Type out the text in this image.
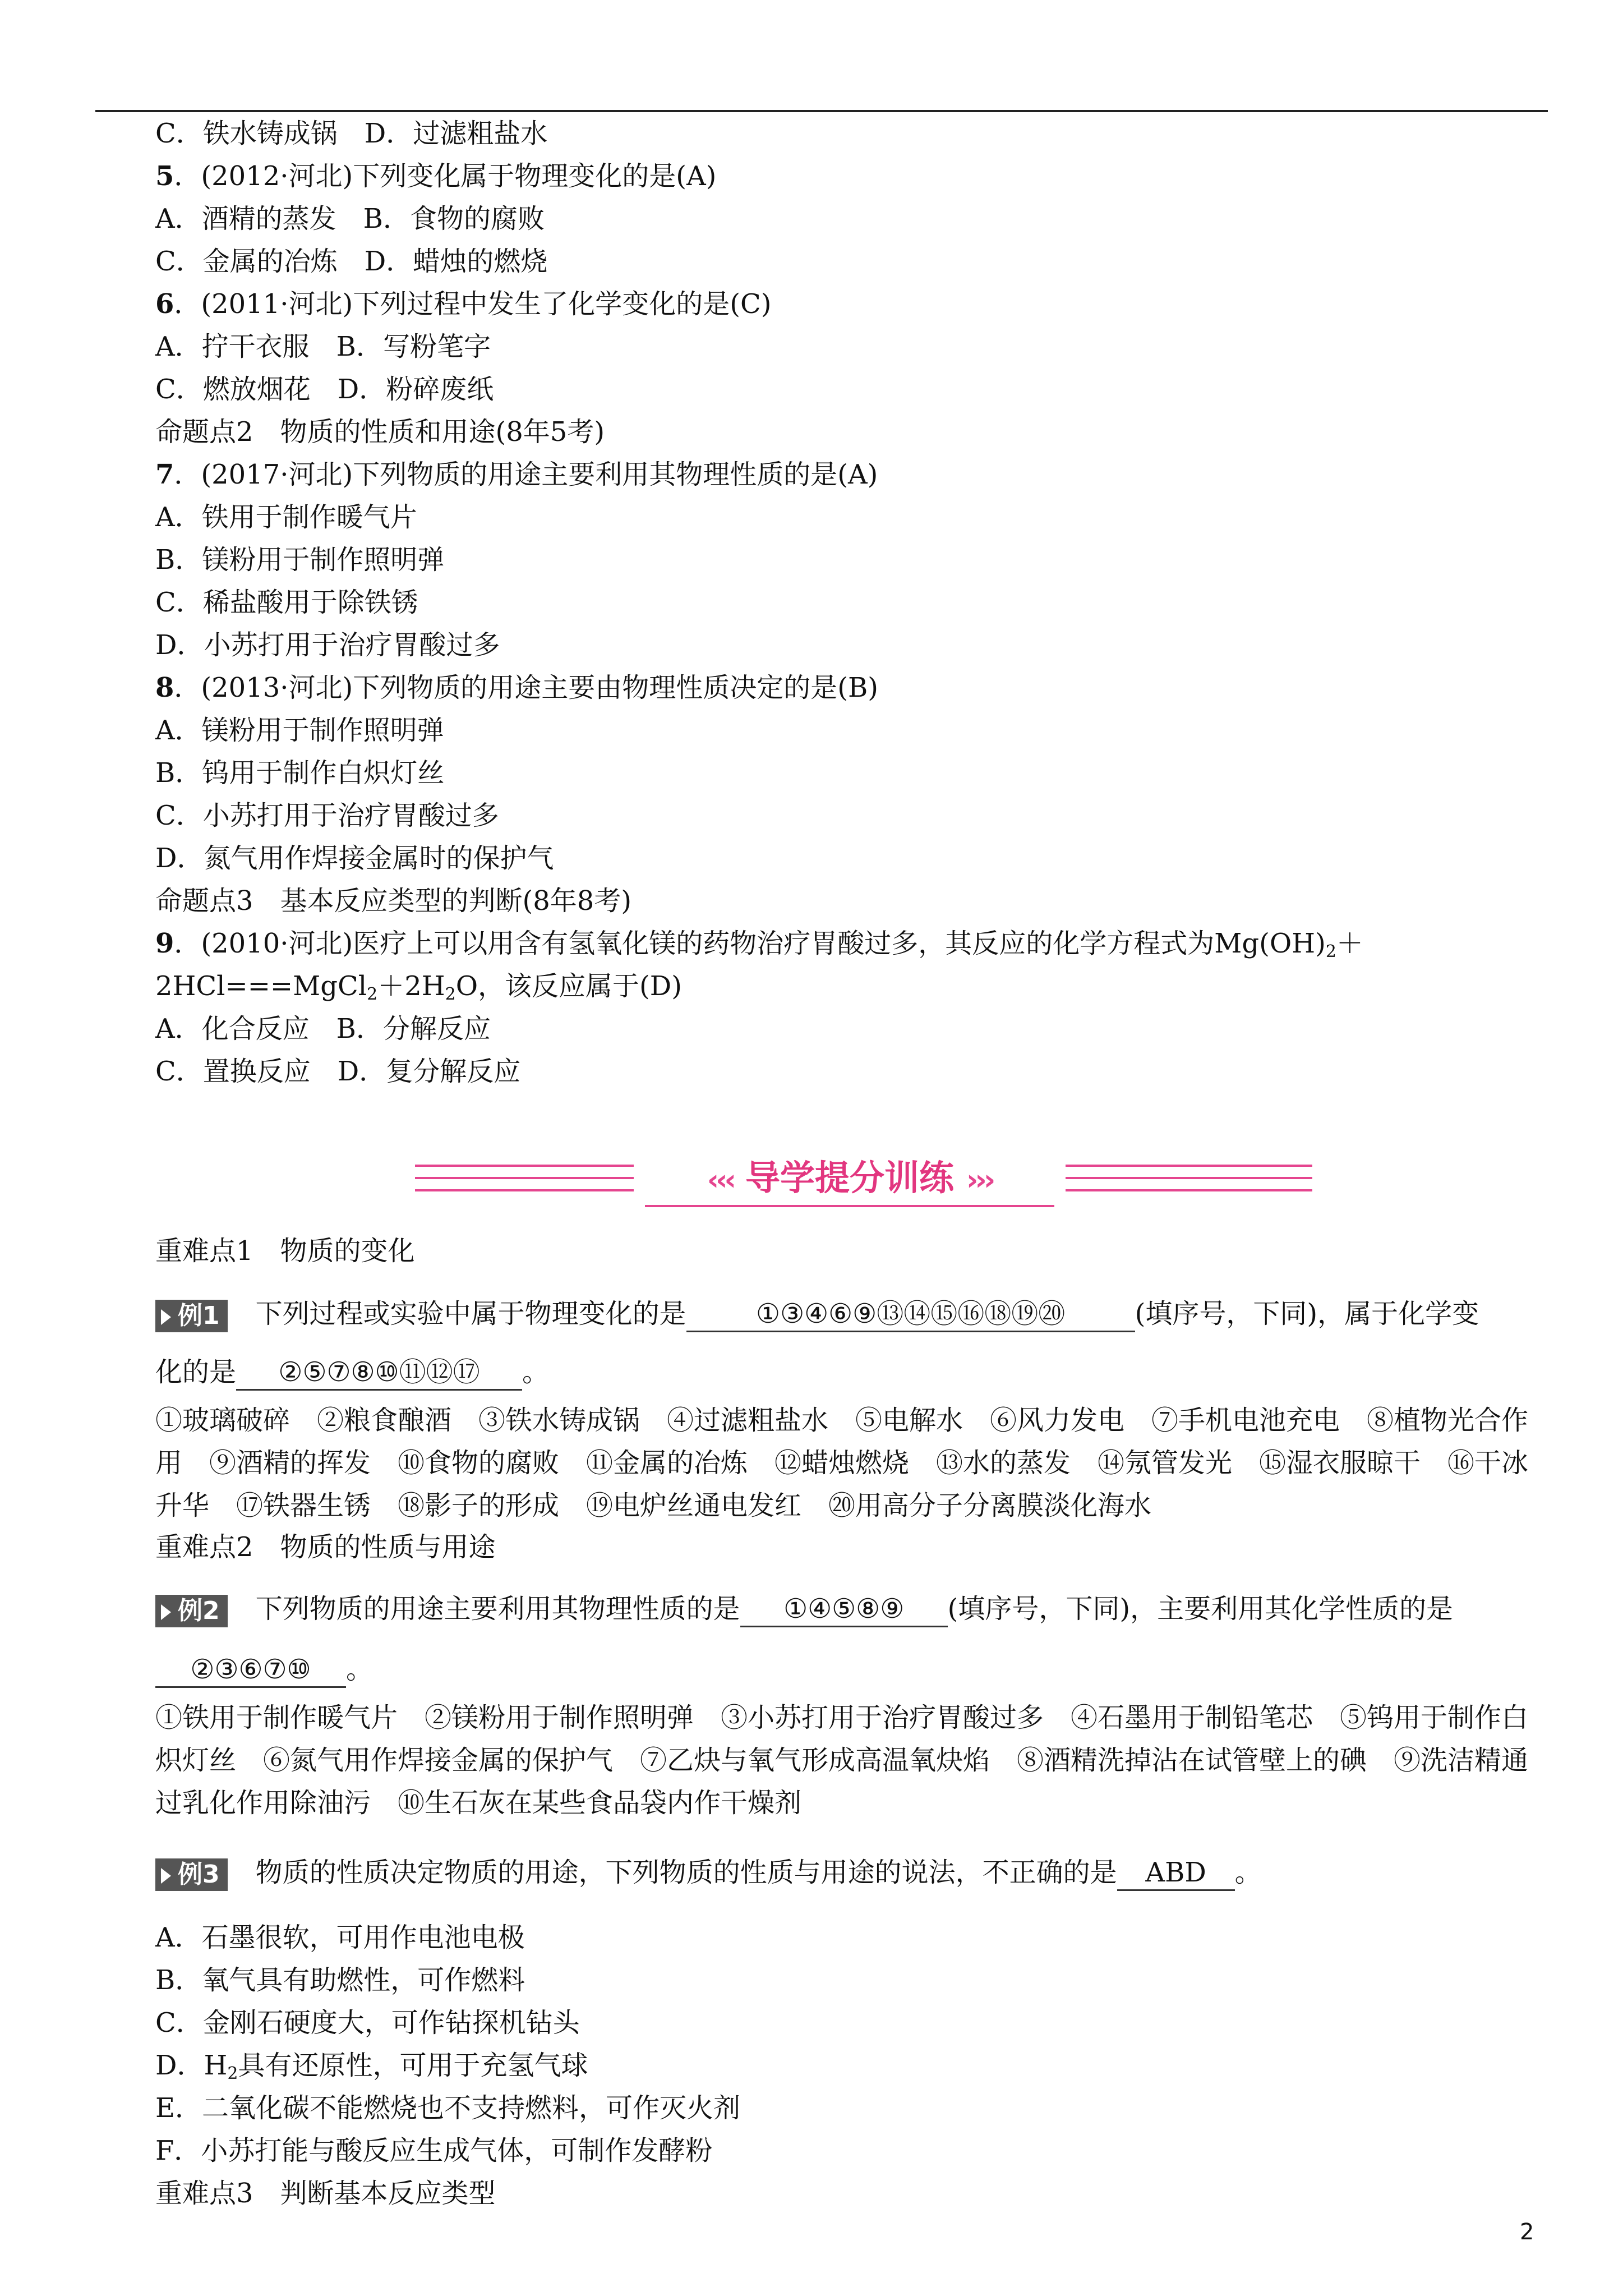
C．铁水铸成锅　D．过滤粗盐水
5．(2012·河北)下列变化属于物理变化的是(A)
A．酒精的蒸发　B．食物的腐败
C．金属的冶炼　D．蜡烛的燃烧
6．(2011·河北)下列过程中发生了化学变化的是(C)
A．拧干衣服　B．写粉笔字
C．燃放烟花　D．粉碎废纸
命题点2　物质的性质和用途(8年5考)
7．(2017·河北)下列物质的用途主要利用其物理性质的是(A)
A．铁用于制作暖气片
B．镁粉用于制作照明弹
C．稀盐酸用于除铁锈
D．小苏打用于治疗胃酸过多
8．(2013·河北)下列物质的用途主要由物理性质决定的是(B)
A．镁粉用于制作照明弹
B．钨用于制作白炽灯丝
C．小苏打用于治疗胃酸过多
D．氮气用作焊接金属时的保护气
命题点3　基本反应类型的判断(8年8考)
9．(2010·河北)医疗上可以用含有氢氧化镁的药物治疗胃酸过多，其反应的化学方程式为$Mg(OH)_2+$
$2HCl===MgCl_2+2H_2O$，该反应属于(D)
A．化合反应　B．分解反应
C．置换反应　D．复分解反应
‹‹‹ 导学提分训练 ›››
重难点1　物质的变化
例1 下列过程或实验中属于物理变化的是	①③④⑥⑨⑬⑭⑮⑯⑱⑲⑳	(填序号，下同)，属于化学变
化的是 ②⑤⑦⑧⑩⑪⑫⑰ 。
①玻璃破碎　②粮食酿酒　③铁水铸成锅　④过滤粗盐水　⑤电解水　⑥风力发电　⑦手机电池充电　⑧植物光合作用　⑨酒精的挥发　⑩食物的腐败　⑪金属的冶炼　⑫蜡烛燃烧　⑬水的蒸发　⑭氖管发光　⑮湿衣服晾干　⑯干冰升华　⑰铁器生锈　⑱影子的形成　⑲电炉丝通电发红　⑳用高分子分离膜淡化海水
重难点2　物质的性质与用途
例2 下列物质的用途主要利用其物理性质的是 ①④⑤⑧⑨ (填序号，下同)，主要利用其化学性质的是
②③⑥⑦⑩ 。
①铁用于制作暖气片　②镁粉用于制作照明弹　③小苏打用于治疗胃酸过多　④石墨用于制铅笔芯　⑤钨用于制作白炽灯丝　⑥氮气用作焊接金属的保护气　⑦乙炔与氧气形成高温氧炔焰　⑧酒精洗掉沾在试管壁上的碘　⑨洗洁精通过乳化作用除油污　⑩生石灰在某些食品袋内作干燥剂
例3 物质的性质决定物质的用途，下列物质的性质与用途的说法，不正确的是 ABD 。
A．石墨很软，可用作电池电极
B．氧气具有助燃性，可作燃料
C．金刚石硬度大，可作钻探机钻头
D．$H_2$具有还原性，可用于充氢气球
E．二氧化碳不能燃烧也不支持燃料，可作灭火剂
F．小苏打能与酸反应生成气体，可制作发酵粉
重难点3　判断基本反应类型
2
